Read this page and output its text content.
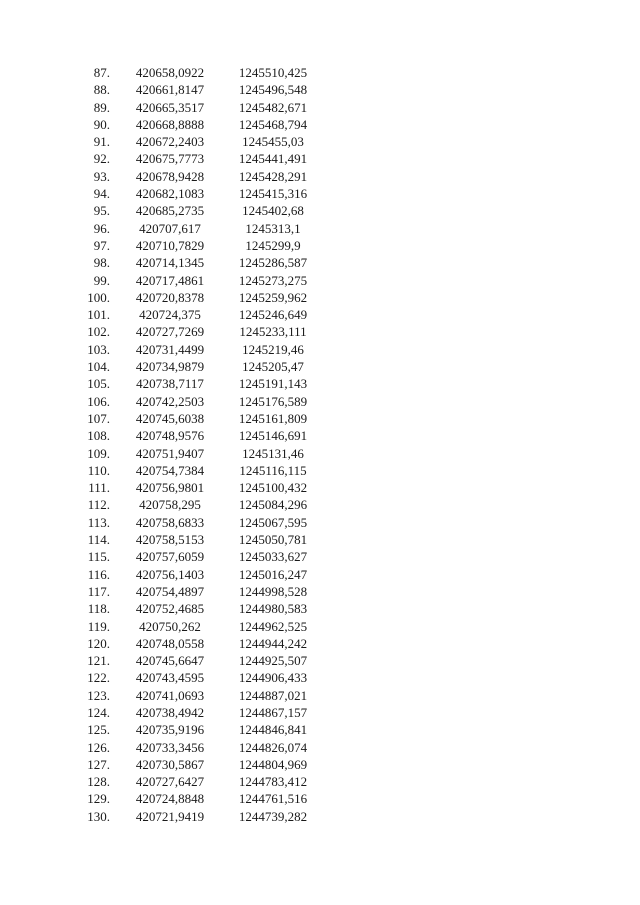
87.	420658,0922	1245510,425
88.	420661,8147	1245496,548
89.	420665,3517	1245482,671
90.	420668,8888	1245468,794
91.	420672,2403	1245455,03
92.	420675,7773	1245441,491
93.	420678,9428	1245428,291
94.	420682,1083	1245415,316
95.	420685,2735	1245402,68
96.	420707,617	1245313,1
97.	420710,7829	1245299,9
98.	420714,1345	1245286,587
99.	420717,4861	1245273,275
100.	420720,8378	1245259,962
101.	420724,375	1245246,649
102.	420727,7269	1245233,111
103.	420731,4499	1245219,46
104.	420734,9879	1245205,47
105.	420738,7117	1245191,143
106.	420742,2503	1245176,589
107.	420745,6038	1245161,809
108.	420748,9576	1245146,691
109.	420751,9407	1245131,46
110.	420754,7384	1245116,115
111.	420756,9801	1245100,432
112.	420758,295	1245084,296
113.	420758,6833	1245067,595
114.	420758,5153	1245050,781
115.	420757,6059	1245033,627
116.	420756,1403	1245016,247
117.	420754,4897	1244998,528
118.	420752,4685	1244980,583
119.	420750,262	1244962,525
120.	420748,0558	1244944,242
121.	420745,6647	1244925,507
122.	420743,4595	1244906,433
123.	420741,0693	1244887,021
124.	420738,4942	1244867,157
125.	420735,9196	1244846,841
126.	420733,3456	1244826,074
127.	420730,5867	1244804,969
128.	420727,6427	1244783,412
129.	420724,8848	1244761,516
130.	420721,9419	1244739,282
